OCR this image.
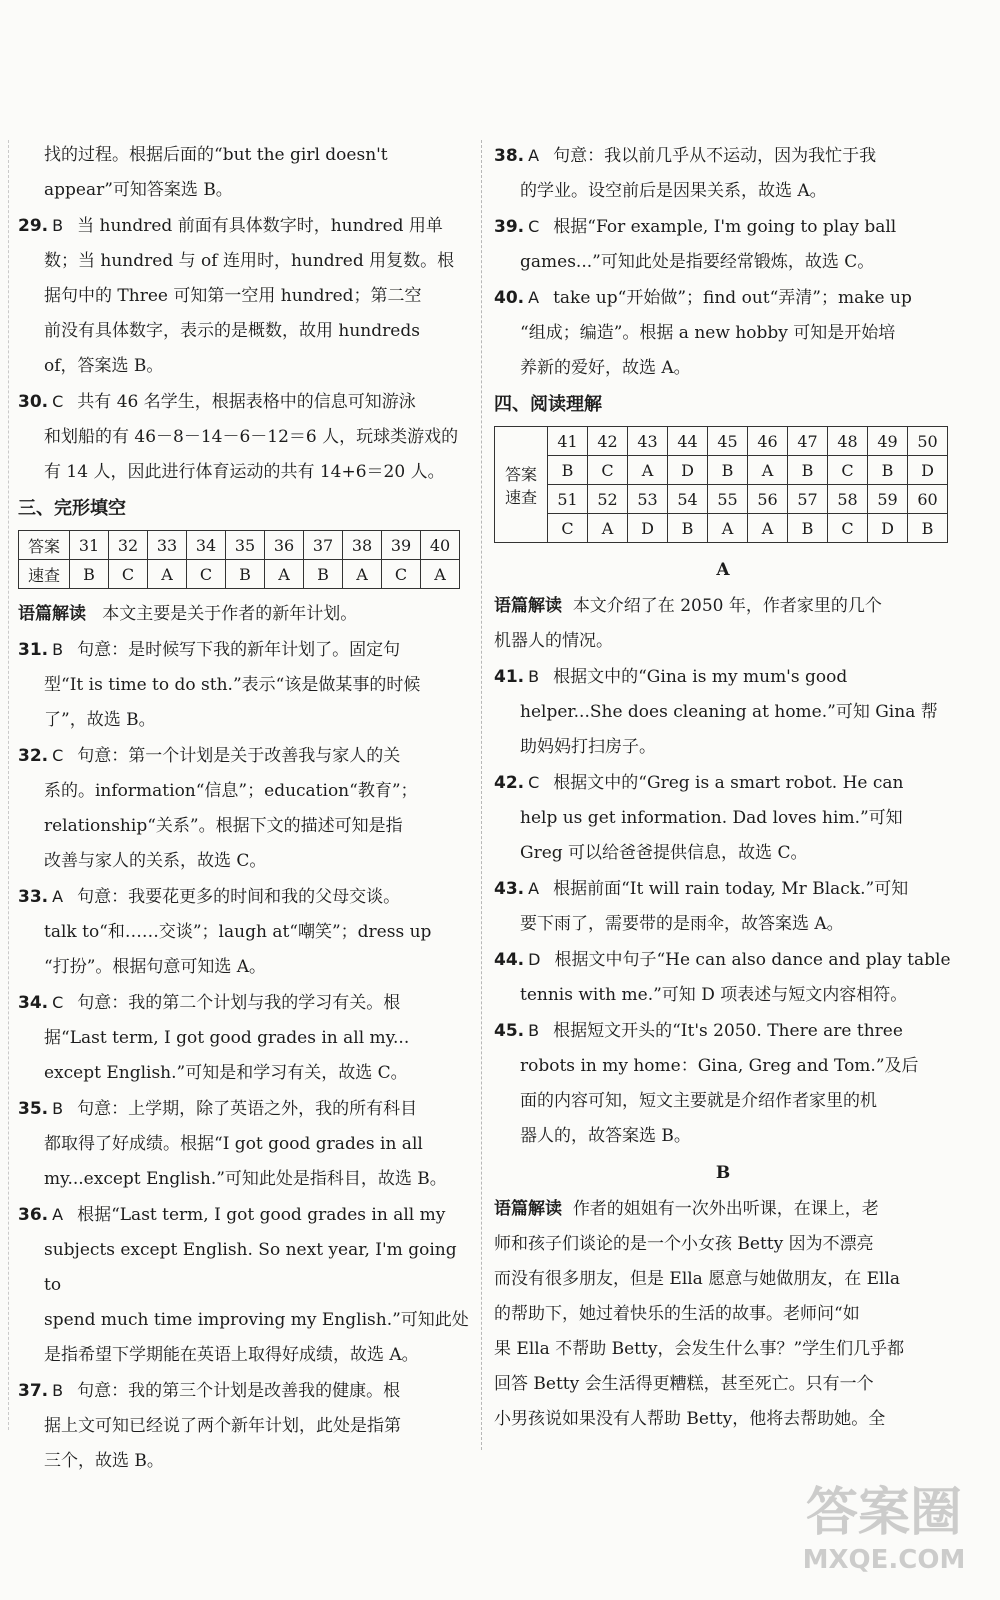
找的过程。根据后面的“but the girl doesn't

appear”可知答案选 B。

29. B 当 hundred 前面有具体数字时，hundred 用单

数；当 hundred 与 of 连用时，hundred 用复数。根

据句中的 Three 可知第一空用 hundred；第二空

前没有具体数字，表示的是概数，故用 hundreds

of，答案选 B。

30. C 共有 46 名学生，根据表格中的信息可知游泳

和划船的有 46－8－14－6－12＝6 人，玩球类游戏的

有 14 人，因此进行体育运动的共有 14+6＝20 人。

三、完形填空
答案	31	32	33	34	35	36	37	38	39	40
速查	B	C	A	C	B	A	B	A	C	A

语篇解读 本文主要是关于作者的新年计划。

31. B 句意：是时候写下我的新年计划了。固定句

型“It is time to do sth.”表示“该是做某事的时候

了”，故选 B。

32. C 句意：第一个计划是关于改善我与家人的关

系的。information“信息”；education“教育”；

relationship“关系”。根据下文的描述可知是指

改善与家人的关系，故选 C。

33. A 句意：我要花更多的时间和我的父母交谈。

talk to“和……交谈”；laugh at“嘲笑”；dress up

“打扮”。根据句意可知选 A。

34. C 句意：我的第二个计划与我的学习有关。根

据“Last term, I got good grades in all my...

except English.”可知是和学习有关，故选 C。

35. B 句意：上学期，除了英语之外，我的所有科目

都取得了好成绩。根据“I got good grades in all

my...except English.”可知此处是指科目，故选 B。

36. A 根据“Last term, I got good grades in all my

subjects except English. So next year, I'm going to

spend much time improving my English.”可知此处

是指希望下学期能在英语上取得好成绩，故选 A。

37. B 句意：我的第三个计划是改善我的健康。根

据上文可知已经说了两个新年计划，此处是指第

三个，故选 B。

38. A 句意：我以前几乎从不运动，因为我忙于我

的学业。设空前后是因果关系，故选 A。

39. C 根据“For example, I'm going to play ball

games...”可知此处是指要经常锻炼，故选 C。

40. A take up“开始做”；find out“弄清”；make up

“组成；编造”。根据 a new hobby 可知是开始培

养新的爱好，故选 A。

四、阅读理解
答案	41	42	43	44	45	46	47	48	49	50
	B	C	A	D	B	A	B	C	B	D
速查	51	52	53	54	55	56	57	58	59	60
	C	A	D	B	A	A	B	C	D	B
A

语篇解读 本文介绍了在 2050 年，作者家里的几个

机器人的情况。

41. B 根据文中的“Gina is my mum's good

helper...She does cleaning at home.”可知 Gina 帮

助妈妈打扫房子。

42. C 根据文中的“Greg is a smart robot. He can

help us get information. Dad loves him.”可知

Greg 可以给爸爸提供信息，故选 C。

43. A 根据前面“It will rain today, Mr Black.”可知

要下雨了，需要带的是雨伞，故答案选 A。

44. D 根据文中句子“He can also dance and play table

tennis with me.”可知 D 项表述与短文内容相符。

45. B 根据短文开头的“It's 2050. There are three

robots in my home：Gina, Greg and Tom.”及后

面的内容可知，短文主要就是介绍作者家里的机

器人的，故答案选 B。

B

语篇解读 作者的姐姐有一次外出听课，在课上，老

师和孩子们谈论的是一个小女孩 Betty 因为不漂亮

而没有很多朋友，但是 Ella 愿意与她做朋友，在 Ella

的帮助下，她过着快乐的生活的故事。老师问“如

果 Ella 不帮助 Betty，会发生什么事？”学生们几乎都

回答 Betty 会生活得更糟糕，甚至死亡。只有一个

小男孩说如果没有人帮助 Betty，他将去帮助她。全

答案圈
MXQE.COM
